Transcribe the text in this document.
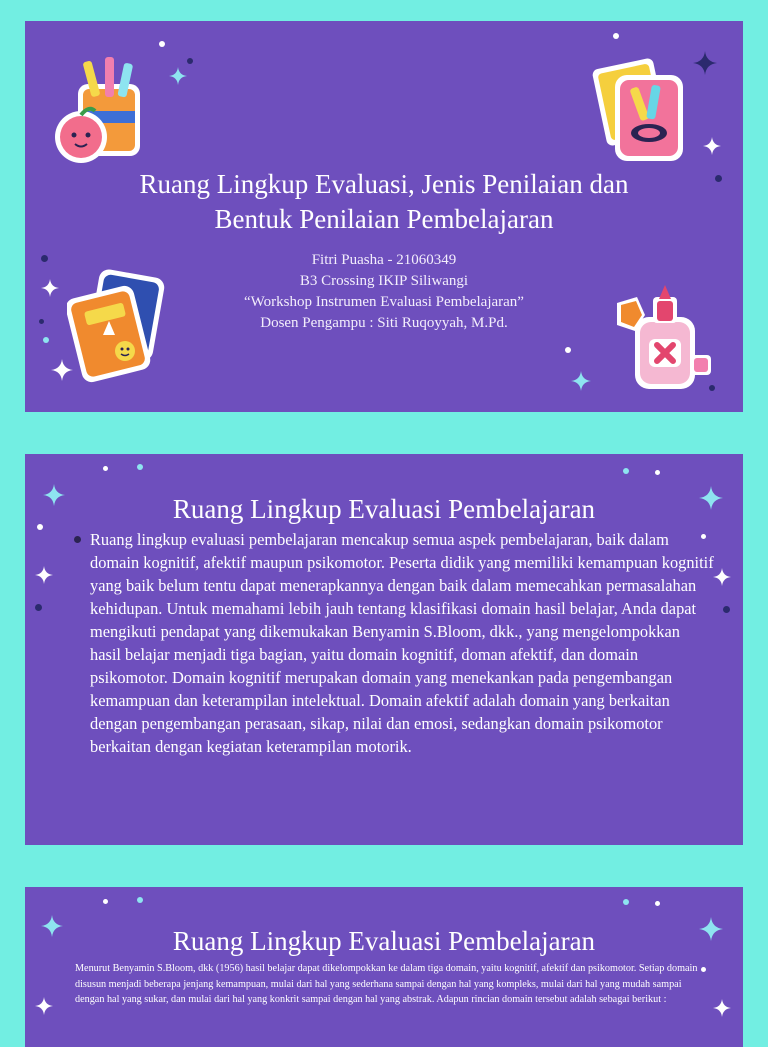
Ruang Lingkup Evaluasi, Jenis Penilaian dan
Bentuk Penilaian Pembelajaran
Fitri Puasha - 21060349
B3 Crossing IKIP Siliwangi
“Workshop Instrumen Evaluasi Pembelajaran”
Dosen Pengampu : Siti Ruqoyyah, M.Pd.
Ruang Lingkup Evaluasi Pembelajaran

Ruang lingkup evaluasi pembelajaran mencakup semua aspek pembelajaran, baik dalam domain kognitif, afektif maupun psikomotor. Peserta didik yang memiliki kemampuan kognitif yang baik belum tentu dapat menerapkannya dengan baik dalam memecahkan permasalahan kehidupan. Untuk memahami lebih jauh tentang klasifikasi domain hasil belajar, Anda dapat mengikuti pendapat yang dikemukakan Benyamin S.Bloom, dkk., yang mengelompokkan hasil belajar menjadi tiga bagian, yaitu domain kognitif, doman afektif, dan domain psikomotor. Domain kognitif merupakan domain yang menekankan pada pengembangan kemampuan dan keterampilan intelektual. Domain afektif adalah domain yang berkaitan dengan pengembangan perasaan, sikap, nilai dan emosi, sedangkan domain psikomotor berkaitan dengan kegiatan keterampilan motorik.

Ruang Lingkup Evaluasi Pembelajaran

Menurut Benyamin S.Bloom, dkk (1956) hasil belajar dapat dikelompokkan ke dalam tiga domain, yaitu kognitif, afektif dan psikomotor. Setiap domain disusun menjadi beberapa jenjang kemampuan, mulai dari hal yang sederhana sampai dengan hal yang kompleks, mulai dari hal yang mudah sampai dengan hal yang sukar, dan mulai dari hal yang konkrit sampai dengan hal yang abstrak. Adapun rincian domain tersebut adalah sebagai berikut :
